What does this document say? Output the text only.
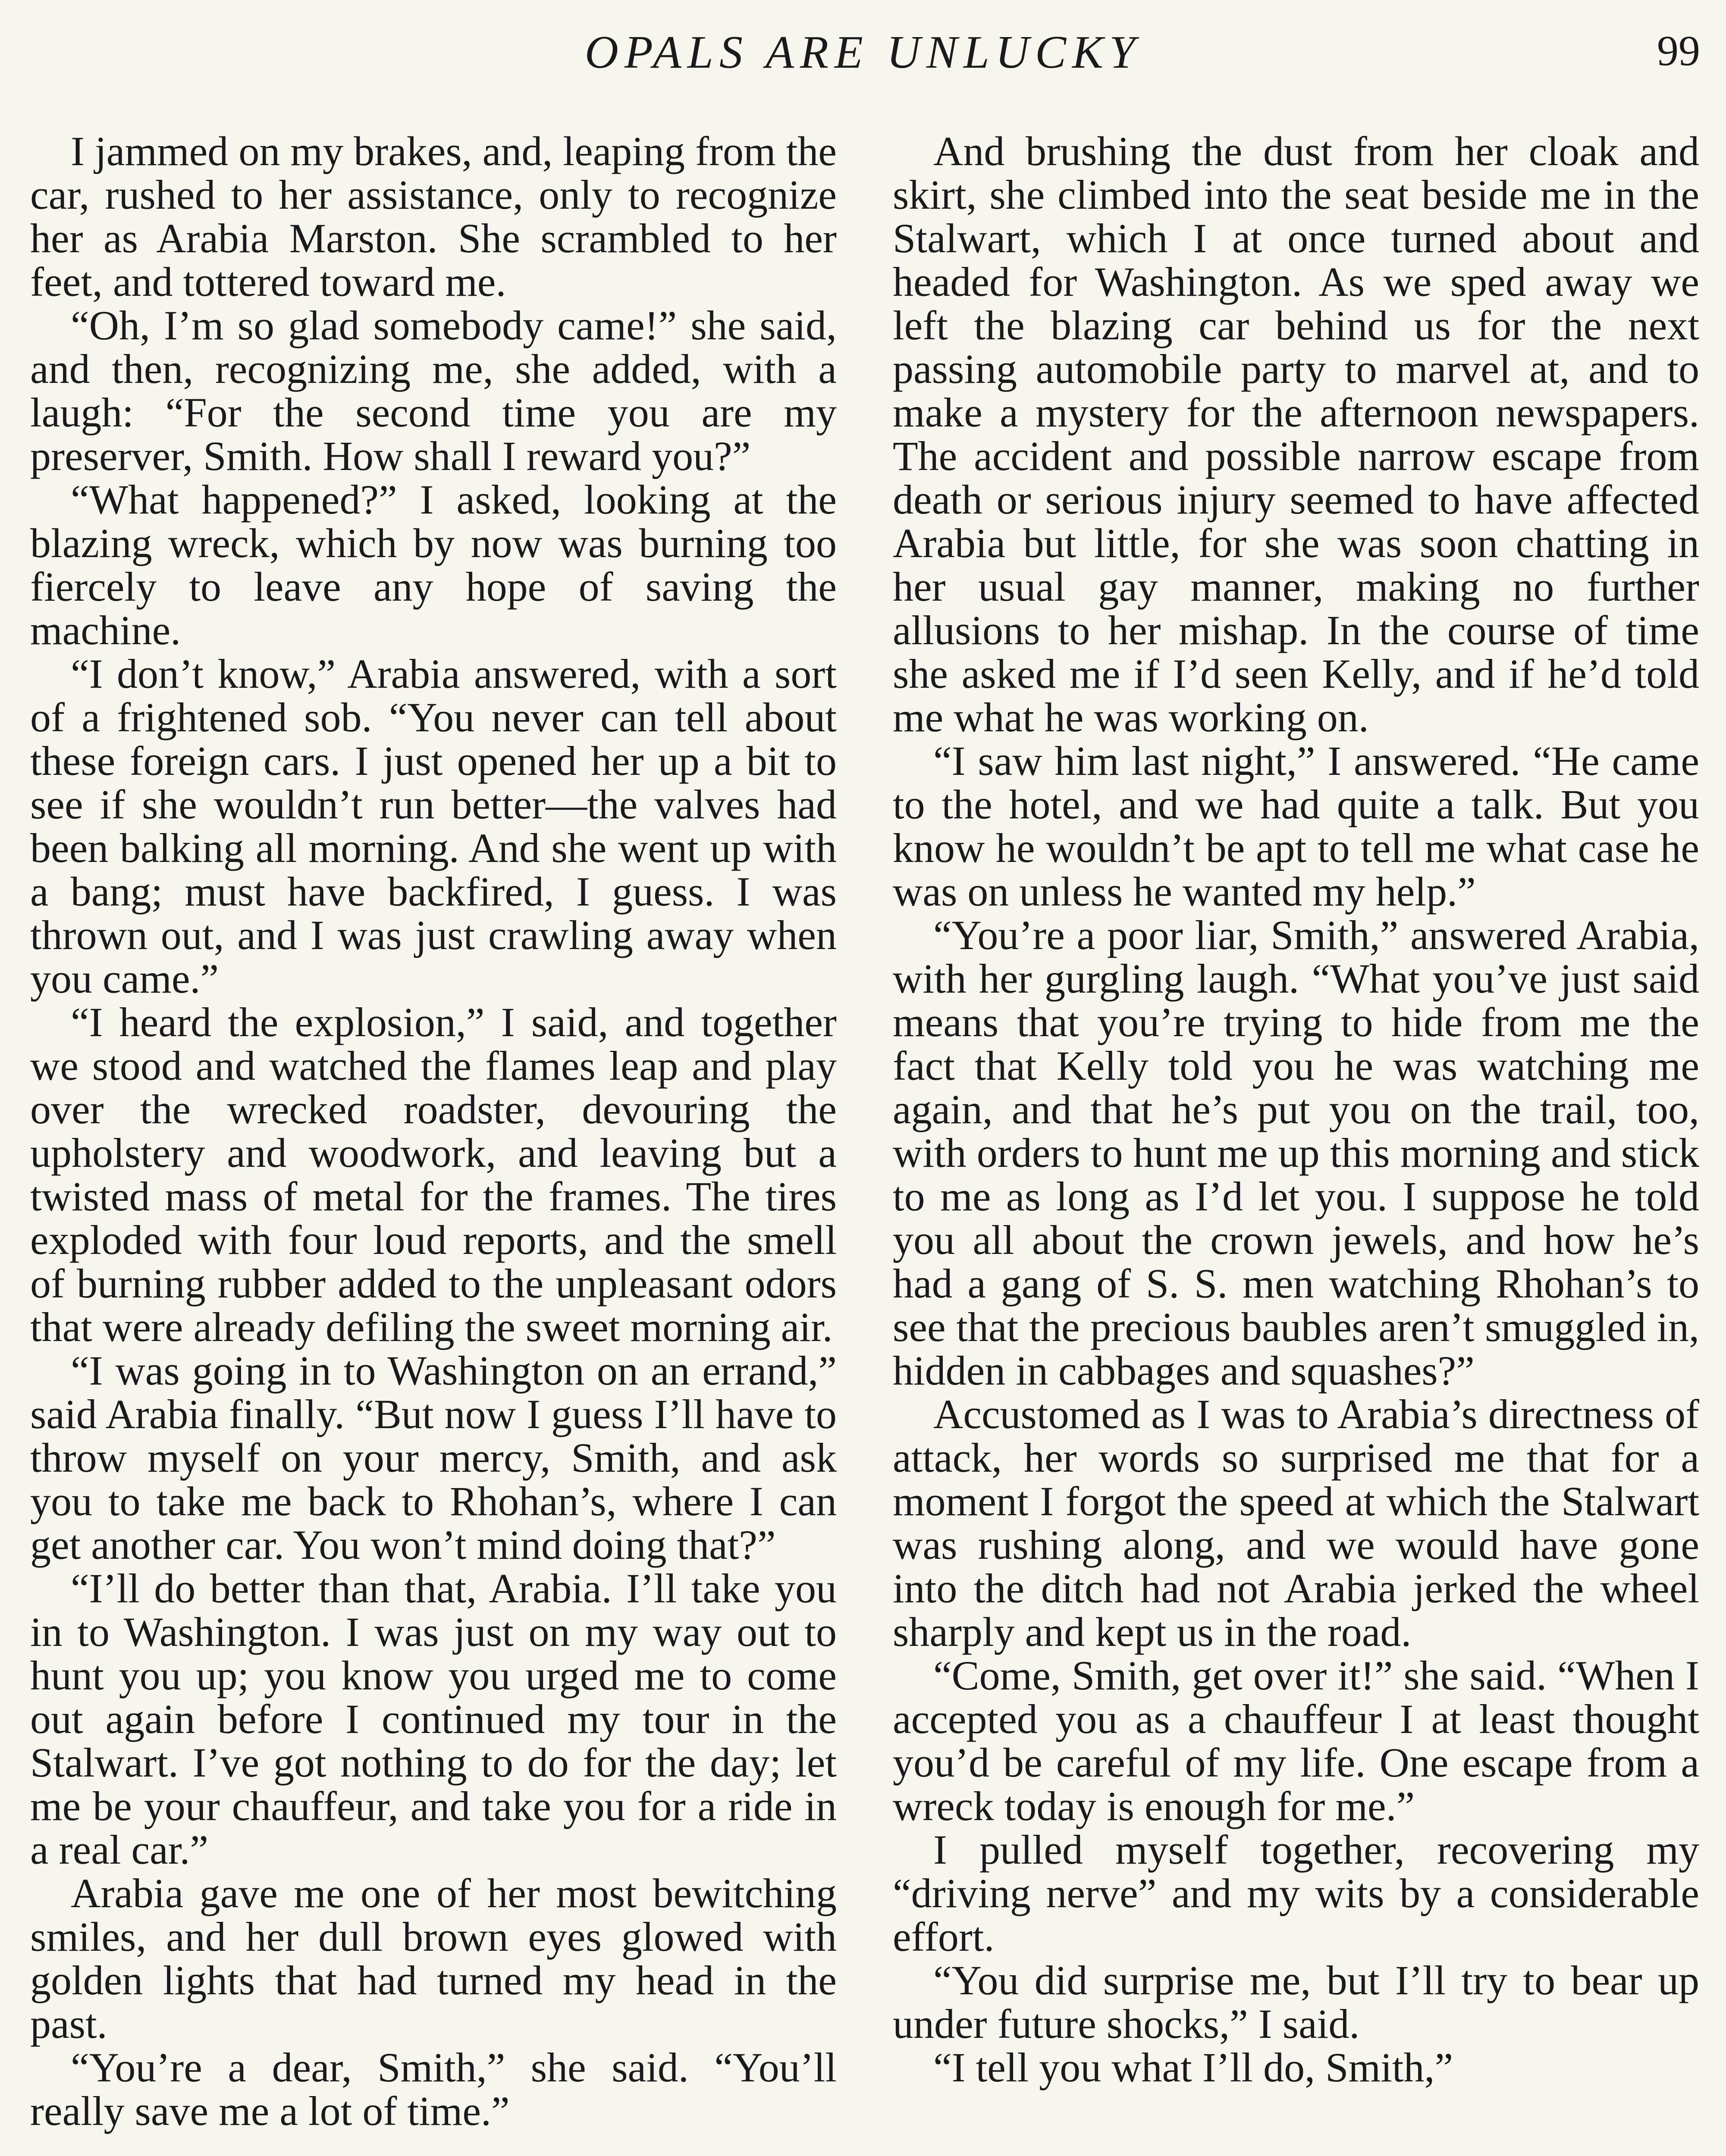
OPALS ARE UNLUCKY	99

I jammed on my brakes, and, leaping from the car, rushed to her assistance, only to recognize her as Arabia Marston. She scrambled to her feet, and tottered toward me.

“Oh, I’m so glad somebody came!” she said, and then, recognizing me, she added, with a laugh: “For the second time you are my preserver, Smith. How shall I reward you?”

“What happened?” I asked, looking at the blazing wreck, which by now was burning too fiercely to leave any hope of saving the machine.

“I don’t know,” Arabia answered, with a sort of a frightened sob. “You never can tell about these foreign cars. I just opened her up a bit to see if she wouldn’t run better—the valves had been balking all morning. And she went up with a bang; must have backfired, I guess. I was thrown out, and I was just crawling away when you came.”

“I heard the explosion,” I said, and together we stood and watched the flames leap and play over the wrecked roadster, devouring the upholstery and woodwork, and leaving but a twisted mass of metal for the frames. The tires exploded with four loud reports, and the smell of burning rubber added to the unpleasant odors that were already defiling the sweet morning air.

“I was going in to Washington on an errand,” said Arabia finally. “But now I guess I’ll have to throw myself on your mercy, Smith, and ask you to take me back to Rhohan’s, where I can get another car. You won’t mind doing that?”

“I’ll do better than that, Arabia. I’ll take you in to Washington. I was just on my way out to hunt you up; you know you urged me to come out again before I continued my tour in the Stalwart. I’ve got nothing to do for the day; let me be your chauffeur, and take you for a ride in a real car.”

Arabia gave me one of her most bewitching smiles, and her dull brown eyes glowed with golden lights that had turned my head in the past.

“You’re a dear, Smith,” she said. “You’ll really save me a lot of time.”

And brushing the dust from her cloak and skirt, she climbed into the seat beside me in the Stalwart, which I at once turned about and headed for Washington. As we sped away we left the blazing car behind us for the next passing automobile party to marvel at, and to make a mystery for the afternoon newspapers. The accident and possible narrow escape from death or serious injury seemed to have affected Arabia but little, for she was soon chatting in her usual gay manner, making no further allusions to her mishap. In the course of time she asked me if I’d seen Kelly, and if he’d told me what he was working on.

“I saw him last night,” I answered. “He came to the hotel, and we had quite a talk. But you know he wouldn’t be apt to tell me what case he was on unless he wanted my help.”

“You’re a poor liar, Smith,” answered Arabia, with her gurgling laugh. “What you’ve just said means that you’re trying to hide from me the fact that Kelly told you he was watching me again, and that he’s put you on the trail, too, with orders to hunt me up this morning and stick to me as long as I’d let you. I suppose he told you all about the crown jewels, and how he’s had a gang of S. S. men watching Rhohan’s to see that the precious baubles aren’t smuggled in, hidden in cabbages and squashes?”

Accustomed as I was to Arabia’s directness of attack, her words so surprised me that for a moment I forgot the speed at which the Stalwart was rushing along, and we would have gone into the ditch had not Arabia jerked the wheel sharply and kept us in the road.

“Come, Smith, get over it!” she said. “When I accepted you as a chauffeur I at least thought you’d be careful of my life. One escape from a wreck today is enough for me.”

I pulled myself together, recovering my “driving nerve” and my wits by a considerable effort.

“You did surprise me, but I’ll try to bear up under future shocks,” I said.

“I tell you what I’ll do, Smith,”
